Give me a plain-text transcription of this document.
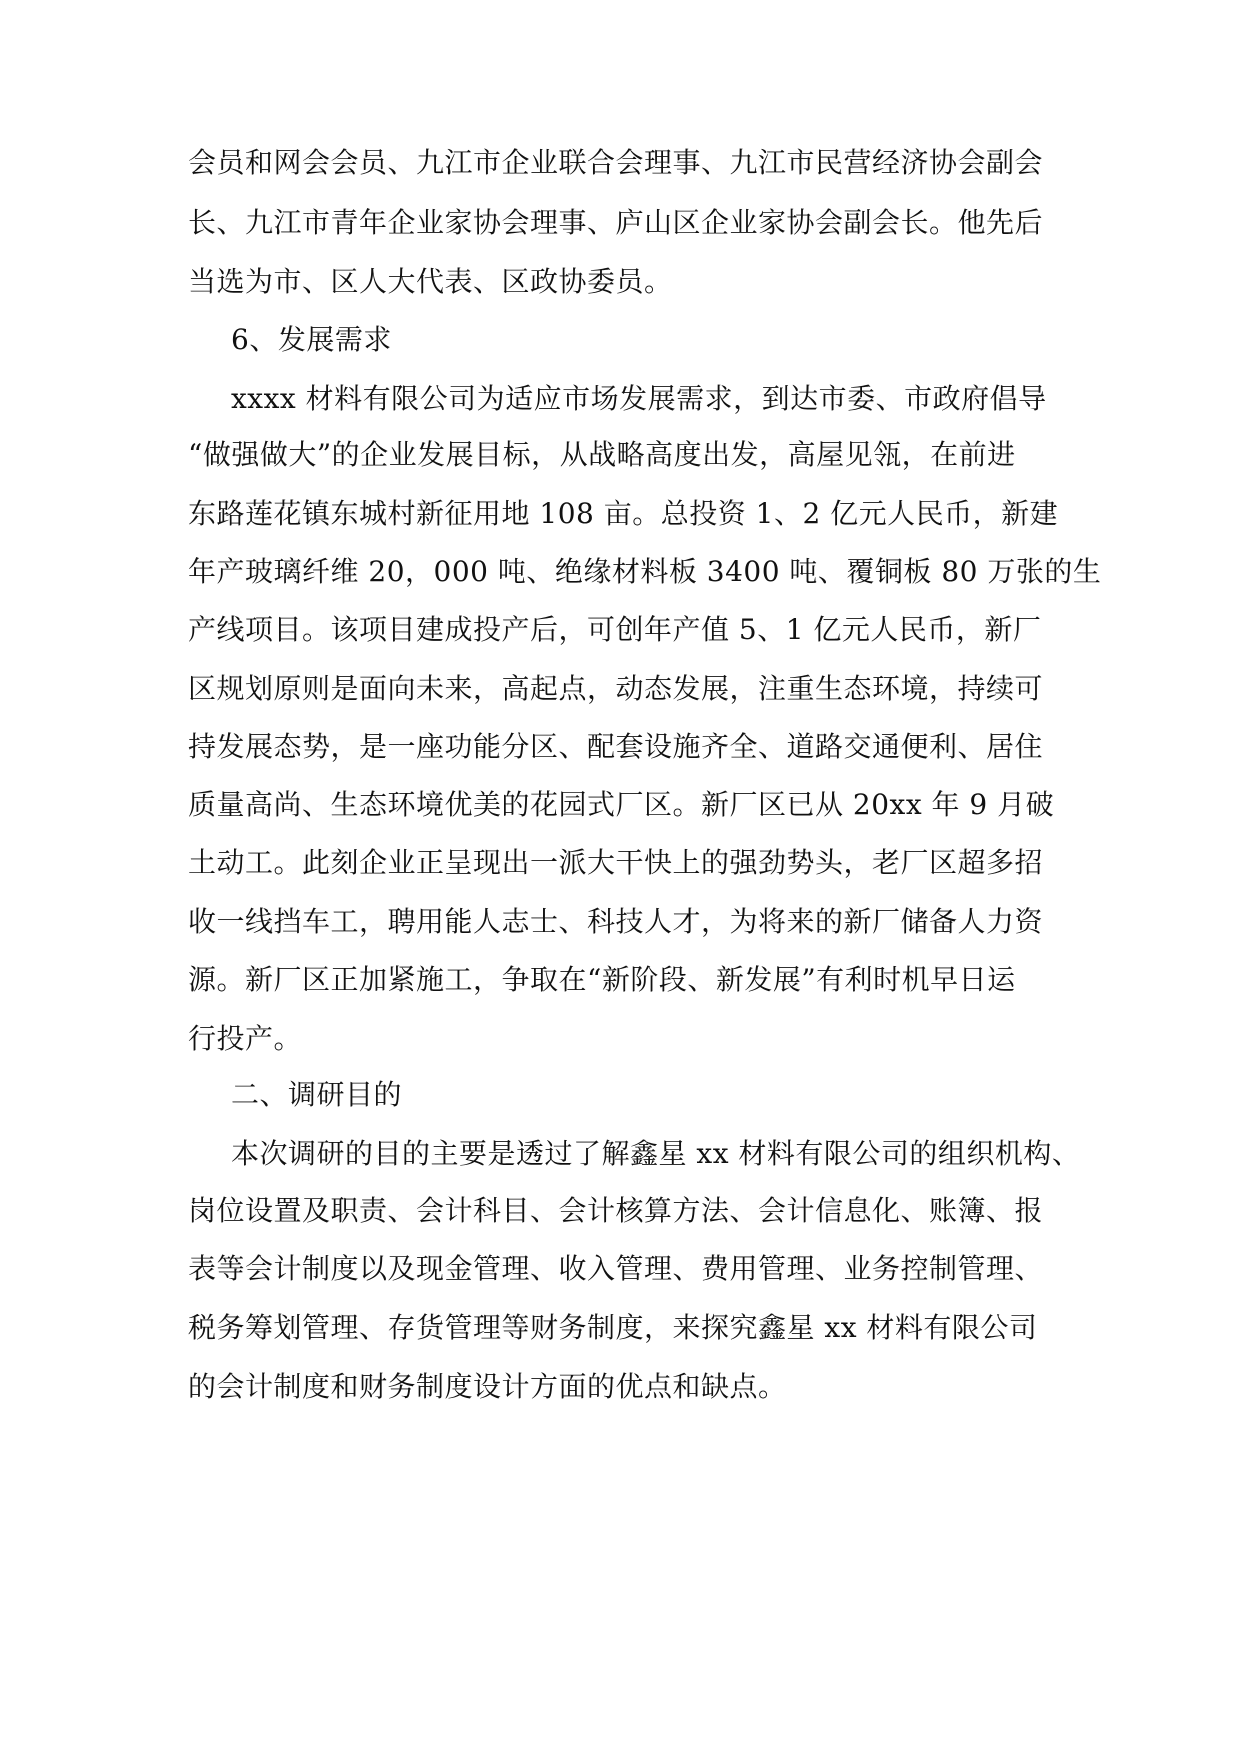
会员和网会会员、九江市企业联合会理事、九江市民营经济协会副会
长、九江市青年企业家协会理事、庐山区企业家协会副会长。他先后
当选为市、区人大代表、区政协委员。
6、发展需求
xxxx 材料有限公司为适应市场发展需求，到达市委、市政府倡导
“做强做大”的企业发展目标，从战略高度出发，高屋见瓴，在前进
东路莲花镇东城村新征用地 108 亩。总投资 1、2 亿元人民币，新建
年产玻璃纤维 20，000 吨、绝缘材料板 3400 吨、覆铜板 80 万张的生
产线项目。该项目建成投产后，可创年产值 5、1 亿元人民币，新厂
区规划原则是面向未来，高起点，动态发展，注重生态环境，持续可
持发展态势，是一座功能分区、配套设施齐全、道路交通便利、居住
质量高尚、生态环境优美的花园式厂区。新厂区已从 20xx 年 9 月破
土动工。此刻企业正呈现出一派大干快上的强劲势头，老厂区超多招
收一线挡车工，聘用能人志士、科技人才，为将来的新厂储备人力资
源。新厂区正加紧施工，争取在“新阶段、新发展”有利时机早日运
行投产。
二、调研目的
本次调研的目的主要是透过了解鑫星 xx 材料有限公司的组织机构、
岗位设置及职责、会计科目、会计核算方法、会计信息化、账簿、报
表等会计制度以及现金管理、收入管理、费用管理、业务控制管理、
税务筹划管理、存货管理等财务制度，来探究鑫星 xx 材料有限公司
的会计制度和财务制度设计方面的优点和缺点。
